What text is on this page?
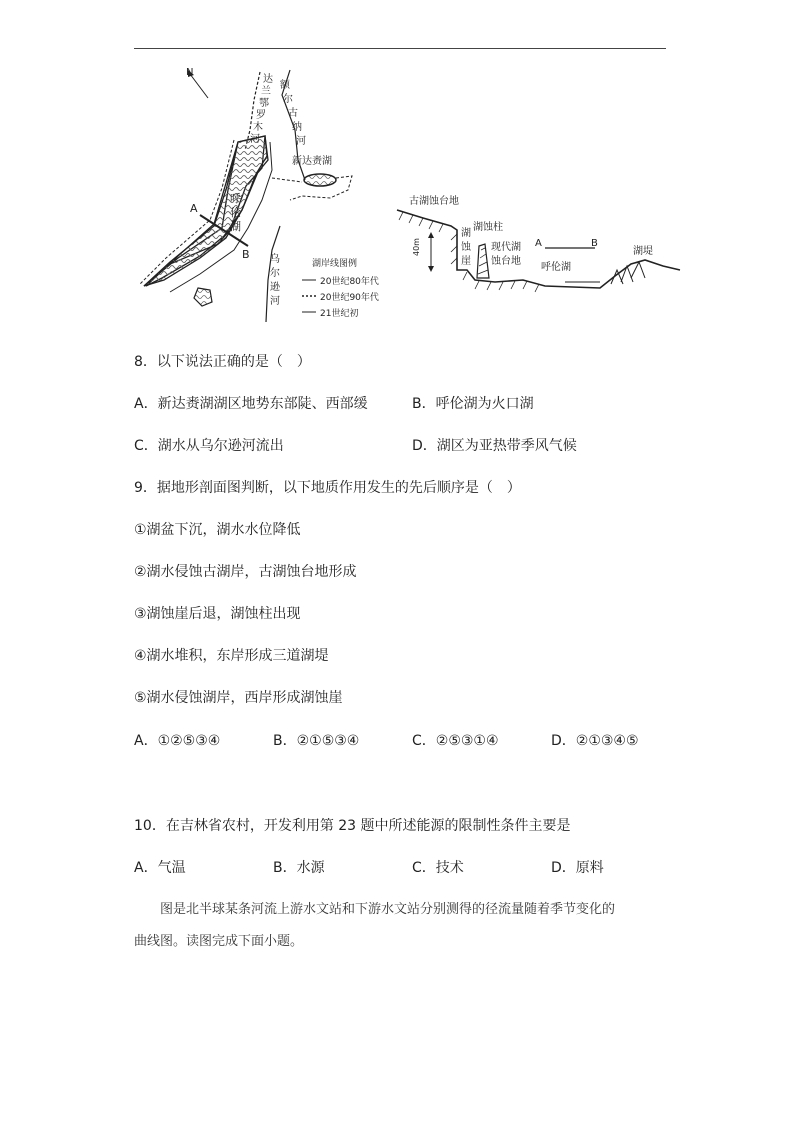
N
达
兰
鄂
罗
木
河
额
尔
古
纳
河
新达赉湖
呼
伦
湖
A
B 乌
尔
逊
河
湖岸线图例
20世纪80年代
20世纪90年代
21世纪初
40m
古湖蚀台地
湖
蚀
崖
湖蚀柱
现代湖
蚀台地
A	B
呼伦湖
湖堤
8．以下说法正确的是（　）
A．新达赉湖湖区地势东部陡、西部缓	B．呼伦湖为火口湖
C．湖水从乌尔逊河流出	D．湖区为亚热带季风气候
9．据地形剖面图判断，以下地质作用发生的先后顺序是（　）
①湖盆下沉，湖水水位降低
②湖水侵蚀古湖岸，古湖蚀台地形成
③湖蚀崖后退，湖蚀柱出现
④湖水堆积，东岸形成三道湖堤
⑤湖水侵蚀湖岸，西岸形成湖蚀崖
A．①②⑤③④	B．②①⑤③④	C．②⑤③①④	D．②①③④⑤
10．在吉林省农村，开发利用第 23 题中所述能源的限制性条件主要是
A．气温	B．水源	C．技术	D．原料
图是北半球某条河流上游水文站和下游水文站分别测得的径流量随着季节变化的
曲线图。读图完成下面小题。
